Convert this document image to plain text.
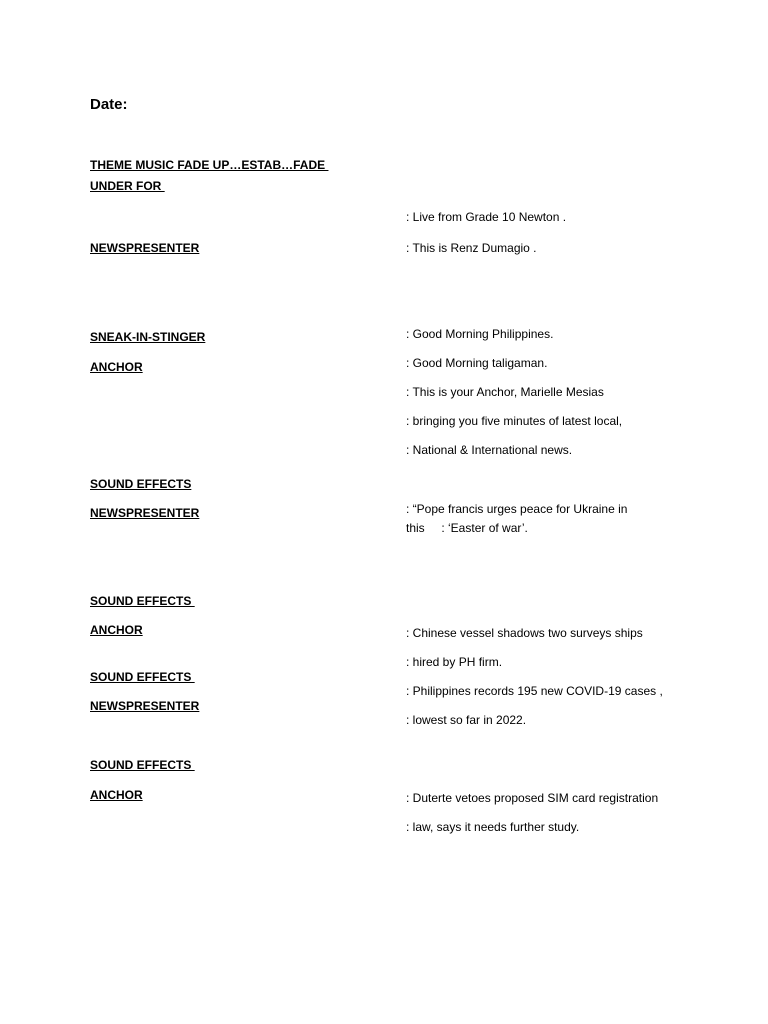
Date:
THEME MUSIC FADE UP…ESTAB…FADE
UNDER FOR
NEWSPRESENTER
SNEAK-IN-STINGER
ANCHOR
SOUND EFFECTS
NEWSPRESENTER
SOUND EFFECTS
ANCHOR
SOUND EFFECTS
NEWSPRESENTER
SOUND EFFECTS
ANCHOR
: Live from Grade 10 Newton .
: This is Renz Dumagio .
: Good Morning Philippines.
: Good Morning taligaman.
: This is your Anchor, Marielle Mesias
: bringing you five minutes of latest local,
: National & International news.
: “Pope francis urges peace for Ukraine in
this     : ‘Easter of war’.
: Chinese vessel shadows two surveys ships
: hired by PH firm.
: Philippines records 195 new COVID-19 cases ,
: lowest so far in 2022.
: Duterte vetoes proposed SIM card registration
: law, says it needs further study.
